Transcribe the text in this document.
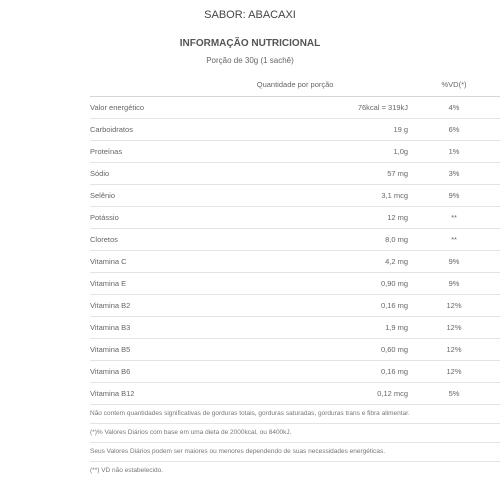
SABOR: ABACAXI
INFORMAÇÃO NUTRICIONAL
Porção de 30g (1 sachê)
	Quantidade por porção	%VD(*)
Valor energético	76kcal = 319kJ	4%
Carboidratos	19 g	6%
Proteínas	1,0g	1%
Sódio	57 mg	3%
Selênio	3,1 mcg	9%
Potássio	12 mg	**
Cloretos	8,0 mg	**
Vitamina C	4,2 mg	9%
Vitamina E	0,90 mg	9%
Vitamina B2	0,16 mg	12%
Vitamina B3	1,9 mg	12%
Vitamina B5	0,60 mg	12%
Vitamina B6	0,16 mg	12%
Vitamina B12	0,12 mcg	5%

Não contem quantidades significativas de gorduras totais, gorduras saturadas, gorduras trans e fibra alimentar.

(*)% Valores Diários com base em uma dieta de 2000kcal, ou 8400kJ.

Seus Valores Diários podem ser maiores ou menores dependendo de suas necessidades energéticas.

(**) VD não estabelecido.
